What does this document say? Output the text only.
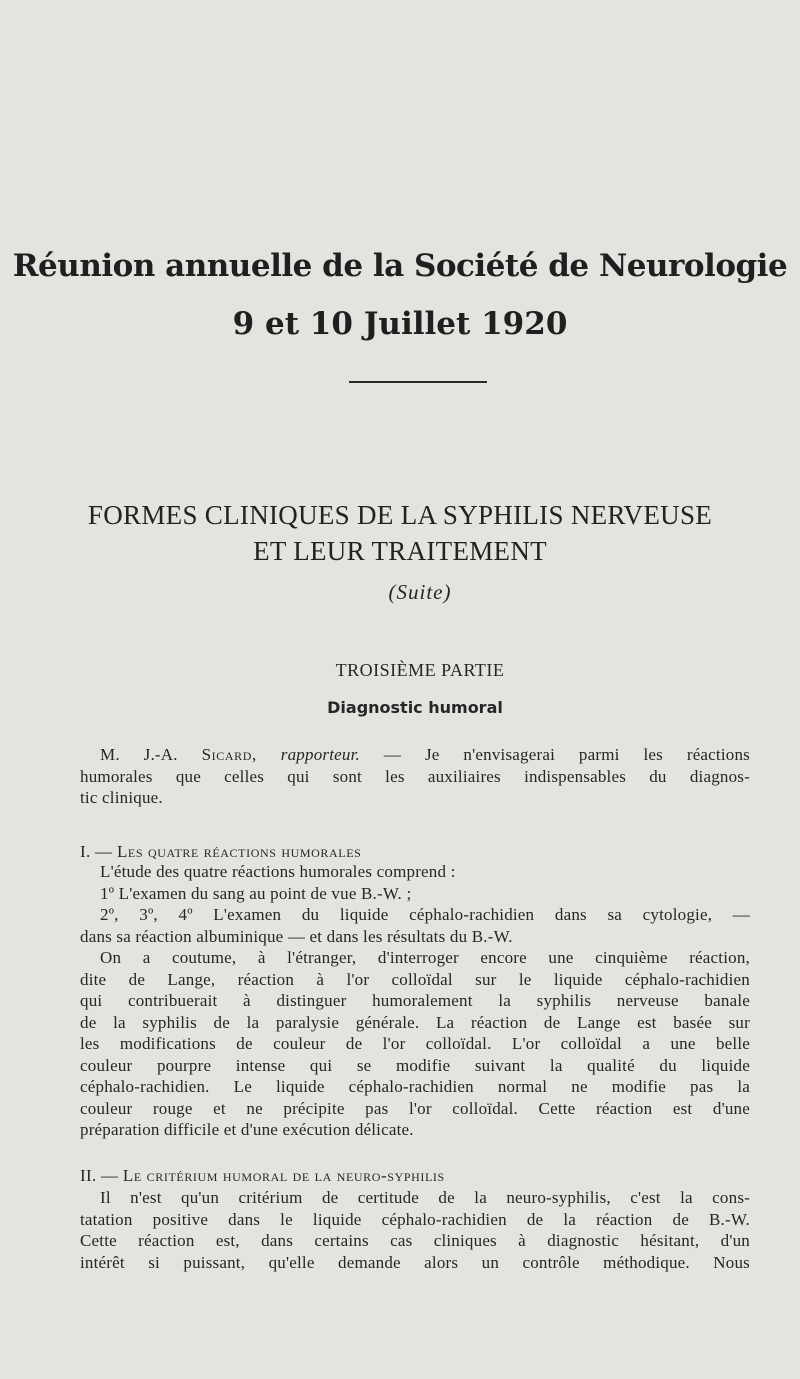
Réunion annuelle de la Société de Neurologie
9 et 10 Juillet 1920
FORMES CLINIQUES DE LA SYPHILIS NERVEUSE
ET LEUR TRAITEMENT
(Suite)
TROISIÈME PARTIE
Diagnostic humoral
M. J.-A. Sicard, rapporteur. — Je n'envisagerai parmi les réactions
humorales que celles qui sont les auxiliaires indispensables du diagnos-
tic clinique.
I. — Les quatre réactions humorales
L'étude des quatre réactions humorales comprend :
1º L'examen du sang au point de vue B.-W. ;
2º, 3º, 4º L'examen du liquide céphalo-rachidien dans sa cytologie, —
dans sa réaction albuminique — et dans les résultats du B.-W.
On a coutume, à l'étranger, d'interroger encore une cinquième réaction,
dite de Lange, réaction à l'or colloïdal sur le liquide céphalo-rachidien
qui contribuerait à distinguer humoralement la syphilis nerveuse banale
de la syphilis de la paralysie générale. La réaction de Lange est basée sur
les modifications de couleur de l'or colloïdal. L'or colloïdal a une belle
couleur pourpre intense qui se modifie suivant la qualité du liquide
céphalo-rachidien. Le liquide céphalo-rachidien normal ne modifie pas la
couleur rouge et ne précipite pas l'or colloïdal. Cette réaction est d'une
préparation difficile et d'une exécution délicate.
II. — Le critérium humoral de la neuro-syphilis
Il n'est qu'un critérium de certitude de la neuro-syphilis, c'est la cons-
tatation positive dans le liquide céphalo-rachidien de la réaction de B.-W.
Cette réaction est, dans certains cas cliniques à diagnostic hésitant, d'un
intérêt si puissant, qu'elle demande alors un contrôle méthodique. Nous
